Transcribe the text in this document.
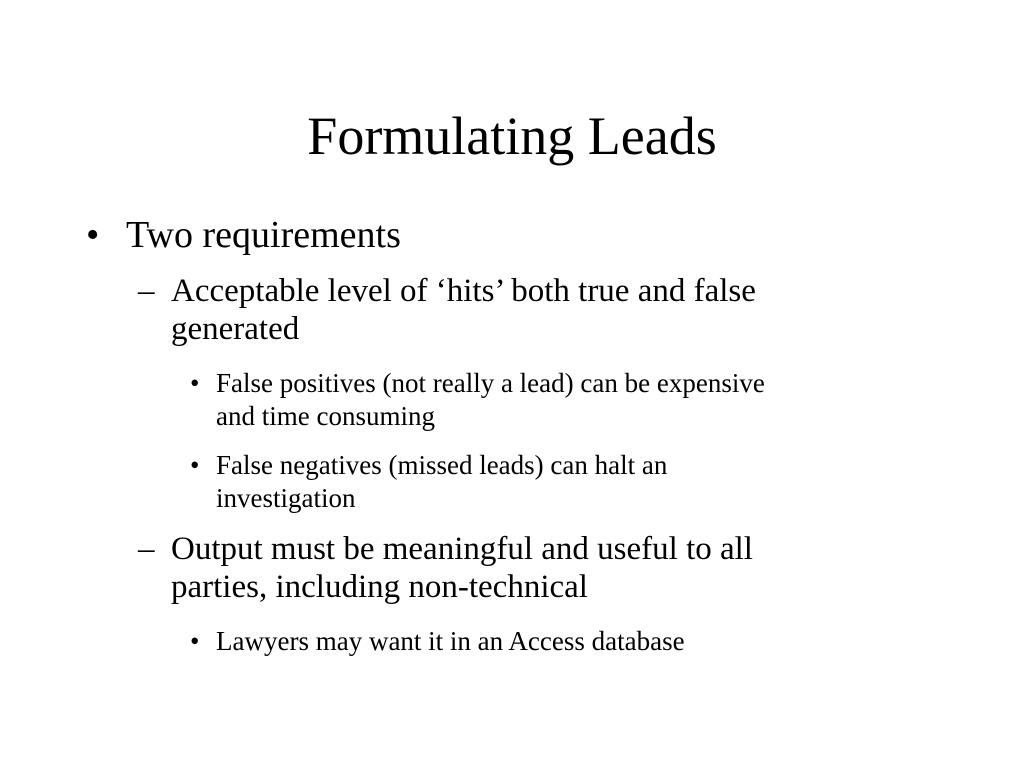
Formulating Leads
• Two requirements
– Acceptable level of ‘hits’ both true and false
generated
• False positives (not really a lead) can be expensive
and time consuming
• False negatives (missed leads) can halt an
investigation
– Output must be meaningful and useful to all
parties, including non-technical
• Lawyers may want it in an Access database
